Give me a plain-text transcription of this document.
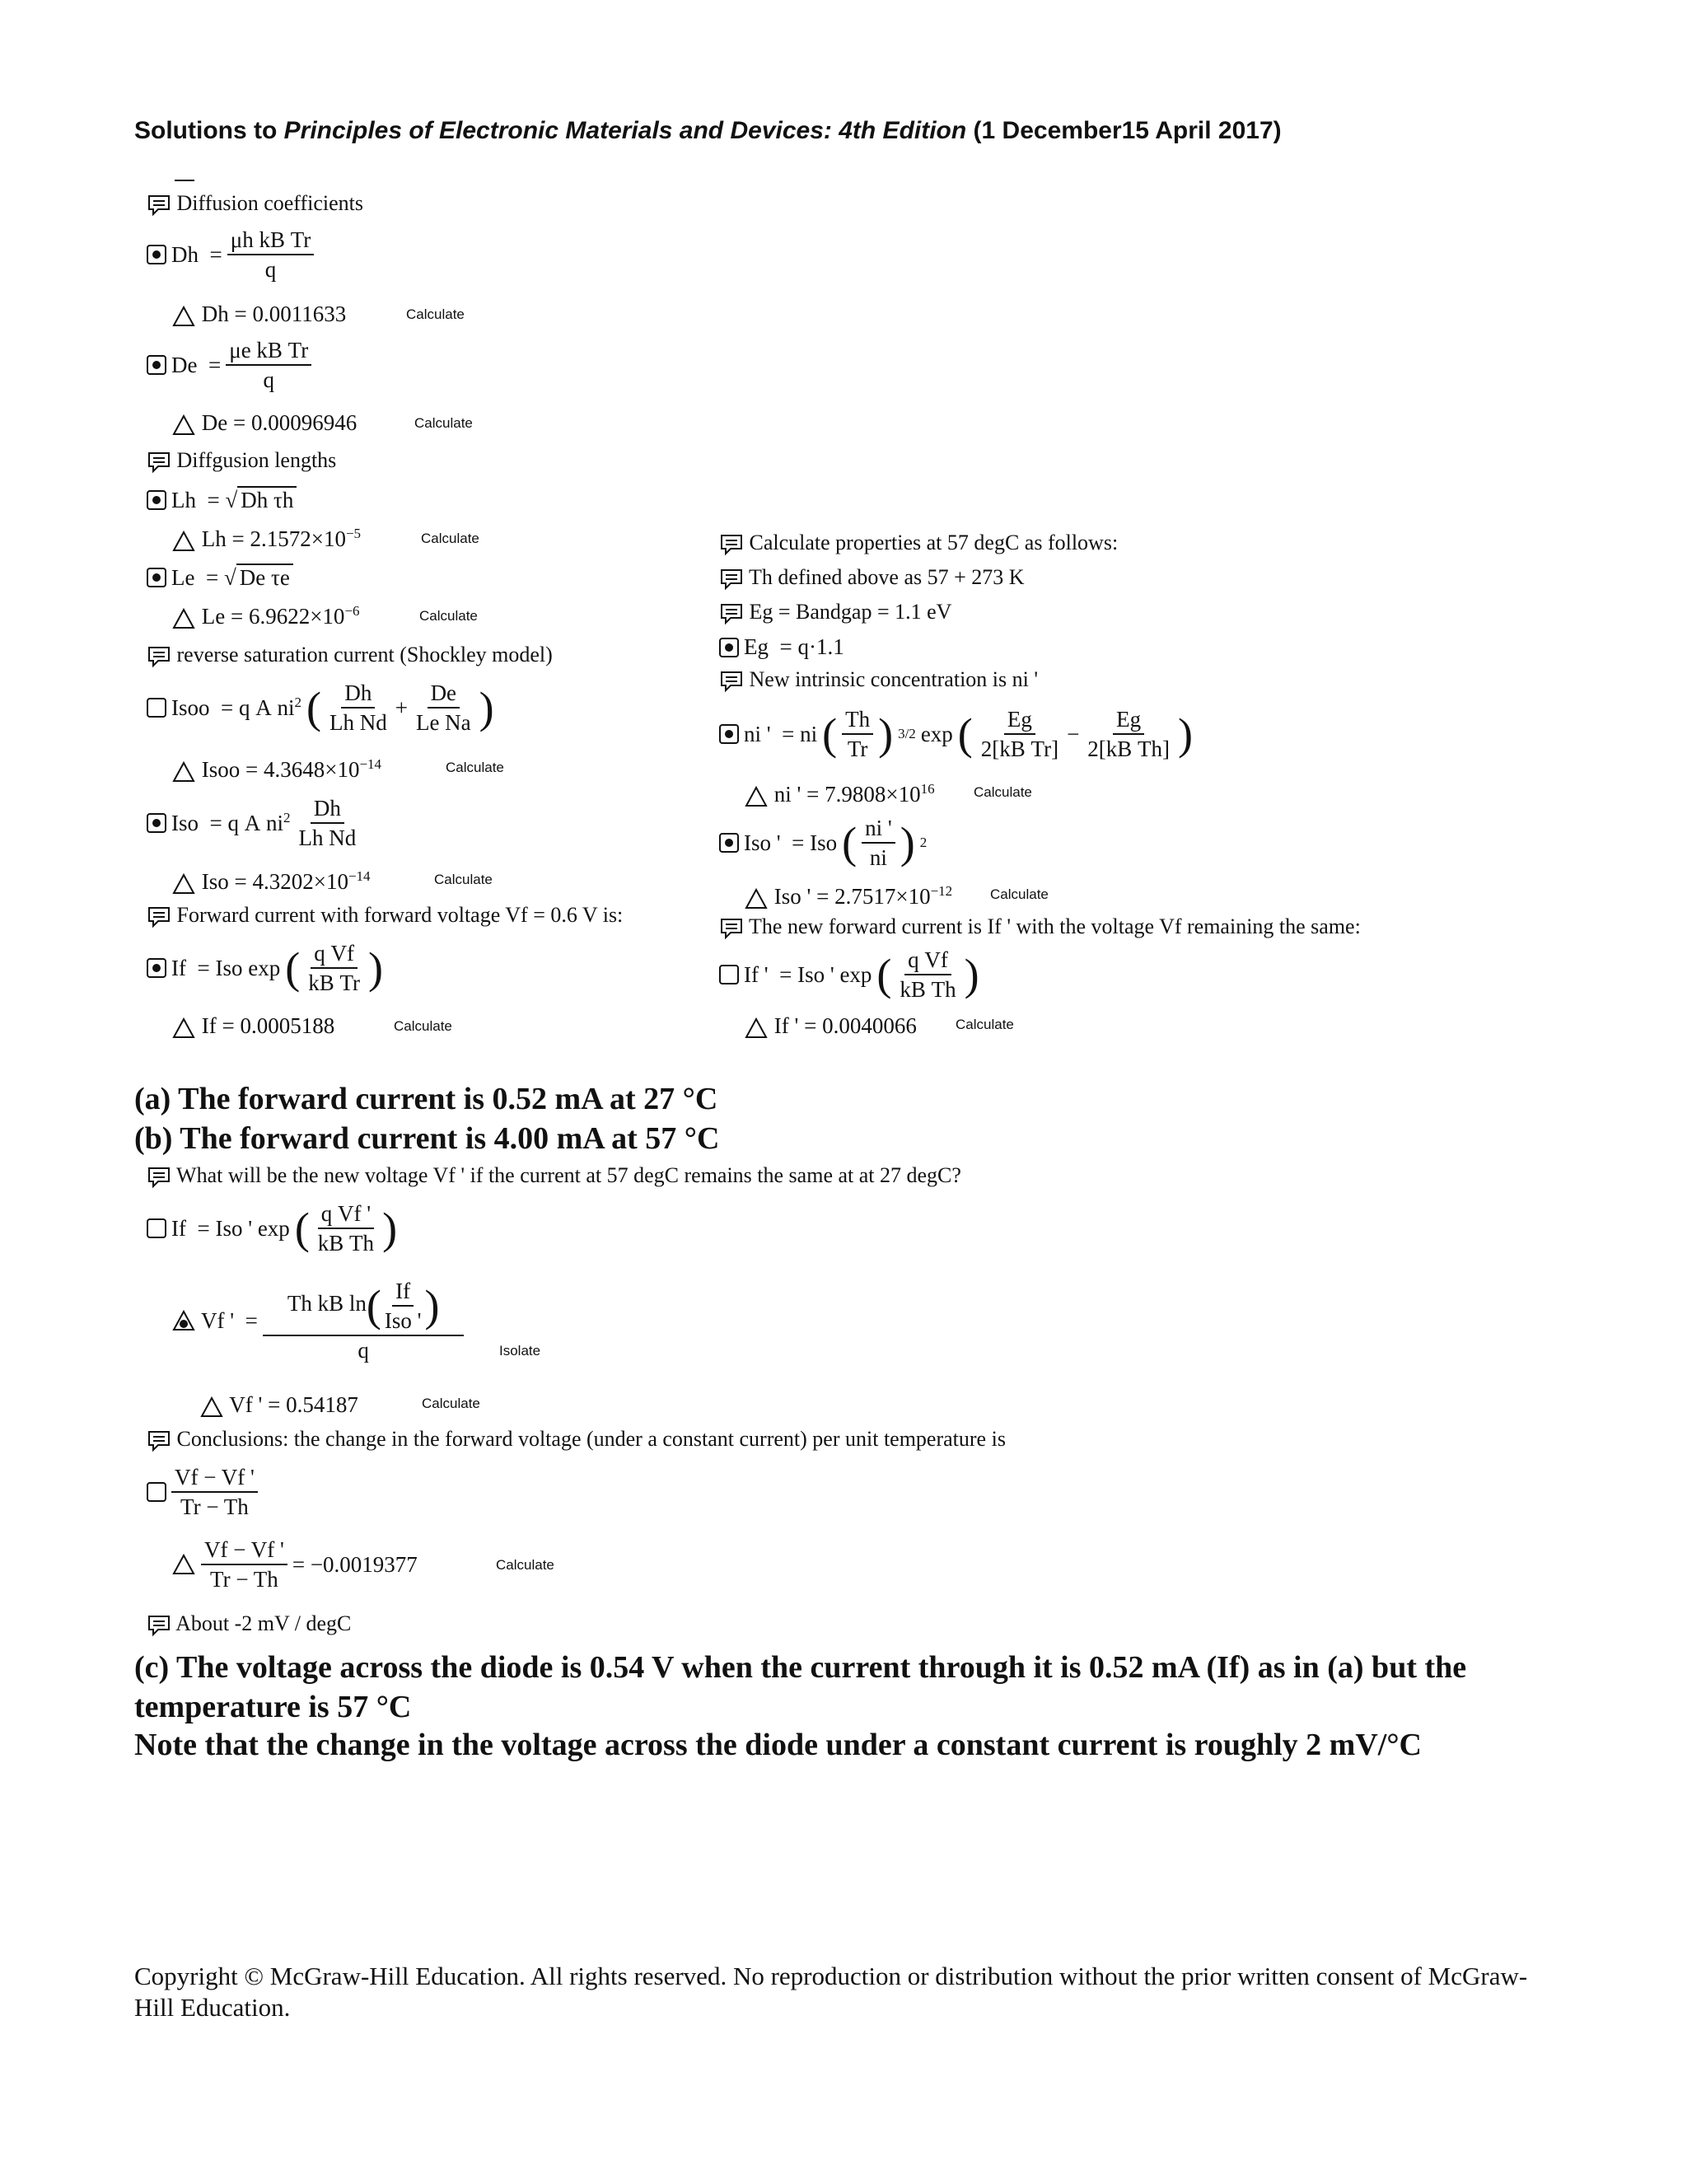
Solutions to Principles of Electronic Materials and Devices: 4th Edition (1 December15 April 2017)
Diffusion coefficients
$Dh = \frac{\text{μh kB Tr}}{q}$
Dh = 0.0011633	Calculate
$De = \frac{\text{μe kB Tr}}{q}$
De = 0.00096946	Calculate
Diffgusion lengths
Lh  = √ Dh τh
$Lh = 2.1572\times 10^{-5}$	Calculate
Le  = √ De τe
$Le = 6.9622\times 10^{-6}$	Calculate
reverse saturation current (Shockley model)
Isoo  = q A $ni^2$ ( $\frac{Dh}{\text{Lh Nd}} + \frac{De}{\text{Le Na}}$ )
Isoo = $4.3648\times 10^{-14}$	Calculate
Iso  = q A $ni^2 \frac{Dh}{\text{Lh Nd}}$
Iso = $4.3202\times 10^{-14}$	Calculate
Forward current with forward voltage Vf = 0.6 V is:
If  = Iso exp ( $\frac{\text{q Vf}}{\text{kB Tr}}$ )
If = 0.0005188	Calculate
Calculate properties at 57 degC as follows:
Th defined above as 57 + 273 K
Eg = Bandgap = 1.1 eV
Eg  = q·1.1
New intrinsic concentration is ni '
ni '  = ni ( $\frac{Th}{Tr}$ ) 3/2 exp ( $\frac{Eg}{\text{2[kB Tr]}} - \frac{Eg}{\text{2[kB Th]}}$ )
ni ' = $7.9808\times 10^{16}$	Calculate
Iso '  = Iso ( $\frac{ni '}{ni}$ ) 2
Iso ' = $2.7517\times 10^{-12}$	Calculate
The new forward current is If ' with the voltage Vf remaining the same:
If '  = Iso ' exp ( $\frac{\text{q Vf}}{\text{kB Th}}$ )
If ' = 0.0040066	Calculate
(a) The forward current is 0.52 mA at 27 °C
(b) The forward current is 4.00 mA at 57 °C
What will be the new voltage Vf ' if the current at 57 degC remains the same at at 27 degC?
If  = Iso ' exp ( $\frac{\text{q Vf '}}{\text{kB Th}}$ )
Vf '  = $\frac{Th kB \ln( \frac{If}{\text{Iso '}} )}{q}$	Isolate
Vf ' = 0.54187	Calculate
Conclusions: the change in the forward voltage (under a constant current) per unit temperature is
$\frac{Vf - Vf '}{Tr - Th}$
$\frac{Vf - Vf '}{Tr - Th} = -0.0019377$	Calculate
About -2 mV / degC
(c) The voltage across the diode is 0.54 V when the current through it is 0.52 mA (If) as in (a) but the temperature is 57 °C
Note that the change in the voltage across the diode under a constant current is roughly 2 mV/°C
Copyright © McGraw-Hill Education. All rights reserved. No reproduction or distribution without the prior written consent of McGraw-Hill Education.
